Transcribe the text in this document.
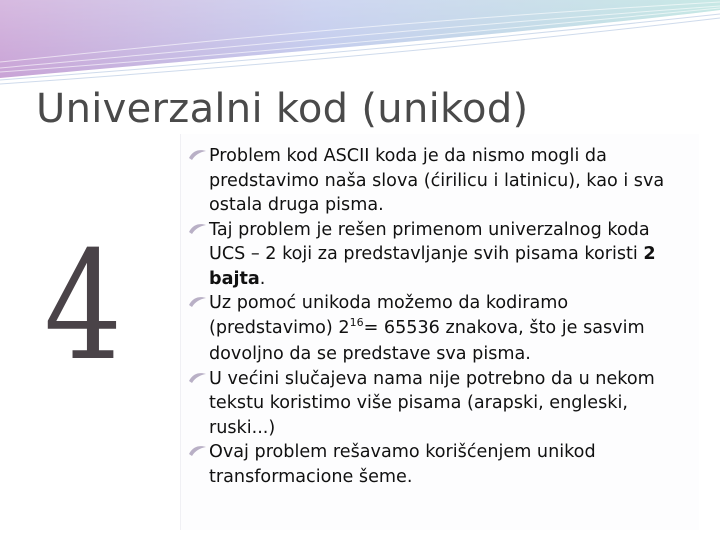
Univerzalni kod (unikod)
4
Problem kod ASCII koda je da nismo mogli da predstavimo naša slova (ćirilicu i latinicu), kao i sva ostala druga pisma.
Taj problem je rešen primenom univerzalnog koda UCS – 2 koji za predstavljanje svih pisama koristi 2 bajta.
Uz pomoć unikoda možemo da kodiramo (predstavimo) $2^{16}= 65536$ znakova, što je sasvim dovoljno da se predstave sva pisma.
U većini slučajeva nama nije potrebno da u nekom tekstu koristimo više pisama (arapski, engleski, ruski...)
Ovaj problem rešavamo korišćenjem unikod transformacione šeme.
